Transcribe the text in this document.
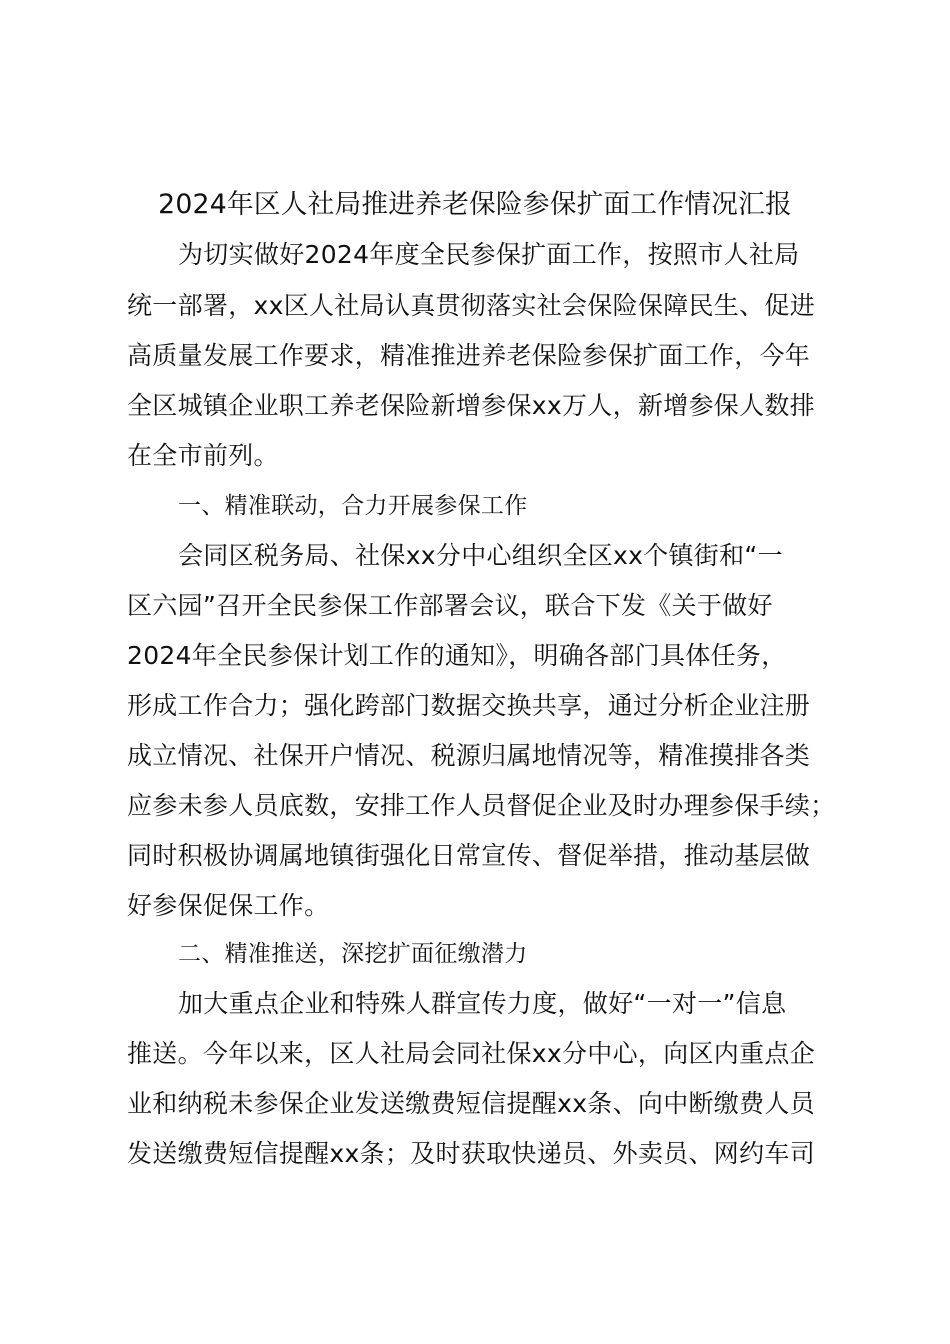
2024年区人社局推进养老保险参保扩面工作情况汇报
为切实做好2024年度全民参保扩面工作，按照市人社局
统一部署，xx区人社局认真贯彻落实社会保险保障民生、促进
高质量发展工作要求，精准推进养老保险参保扩面工作，今年
全区城镇企业职工养老保险新增参保xx万人，新增参保人数排
在全市前列。
一、精准联动，合力开展参保工作
会同区税务局、社保xx分中心组织全区xx个镇街和“一
区六园”召开全民参保工作部署会议，联合下发《关于做好
2024年全民参保计划工作的通知》，明确各部门具体任务，
形成工作合力；强化跨部门数据交换共享，通过分析企业注册
成立情况、社保开户情况、税源归属地情况等，精准摸排各类
应参未参人员底数，安排工作人员督促企业及时办理参保手续；
同时积极协调属地镇街强化日常宣传、督促举措，推动基层做
好参保促保工作。
二、精准推送，深挖扩面征缴潜力
加大重点企业和特殊人群宣传力度，做好“一对一”信息
推送。今年以来，区人社局会同社保xx分中心，向区内重点企
业和纳税未参保企业发送缴费短信提醒xx条、向中断缴费人员
发送缴费短信提醒xx条；及时获取快递员、外卖员、网约车司
